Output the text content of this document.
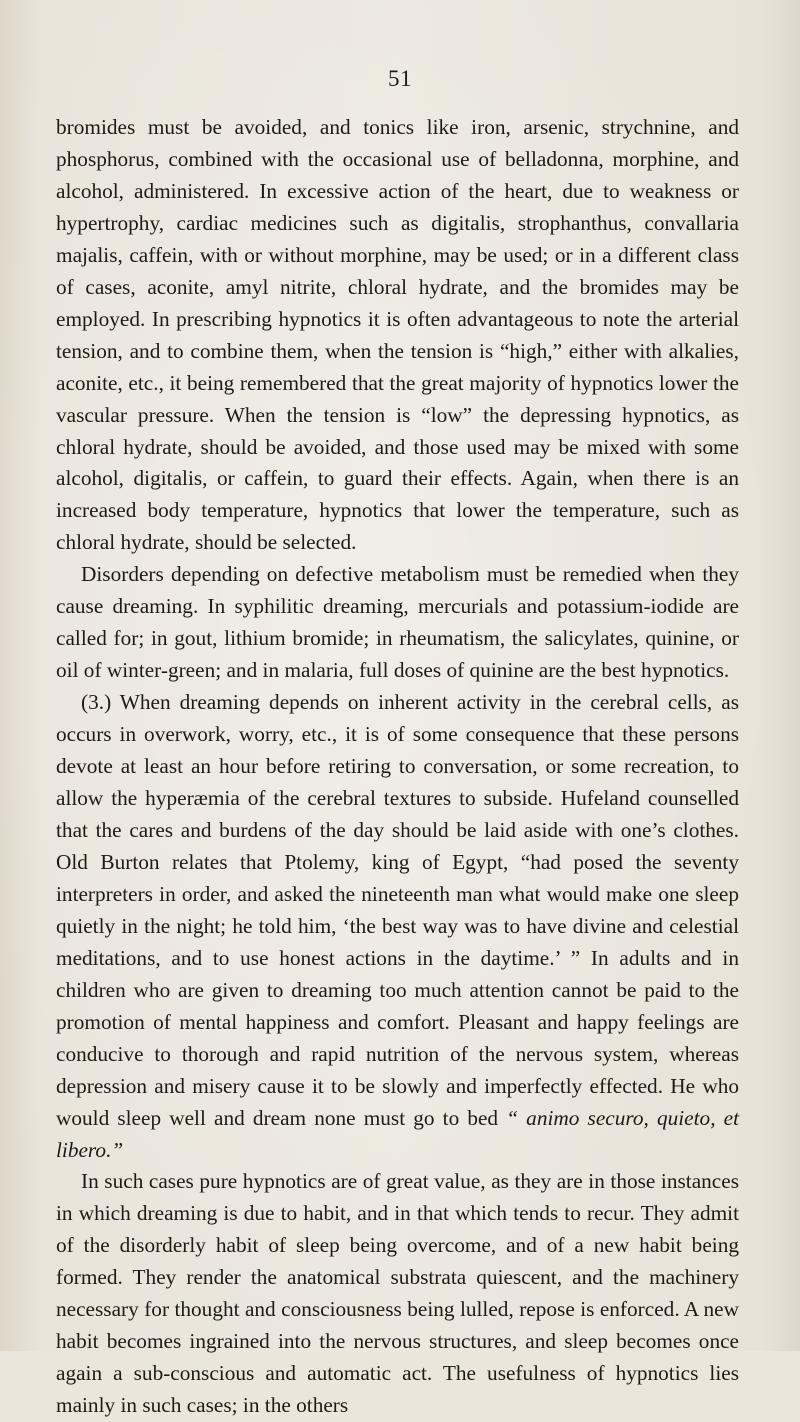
51

bromides must be avoided, and tonics like iron, arsenic, strychnine, and phosphorus, combined with the occasional use of belladonna, morphine, and alcohol, administered. In excessive action of the heart, due to weakness or hypertrophy, cardiac medicines such as digitalis, strophanthus, convallaria majalis, caffein, with or without morphine, may be used; or in a different class of cases, aconite, amyl nitrite, chloral hydrate, and the bromides may be employed. In prescribing hypnotics it is often advantageous to note the arterial tension, and to combine them, when the tension is “high,” either with alkalies, aconite, etc., it being remembered that the great majority of hypnotics lower the vascular pressure. When the tension is “low” the depressing hypnotics, as chloral hydrate, should be avoided, and those used may be mixed with some alcohol, digitalis, or caffein, to guard their effects. Again, when there is an increased body temperature, hypnotics that lower the temperature, such as chloral hydrate, should be selected.

Disorders depending on defective metabolism must be remedied when they cause dreaming. In syphilitic dreaming, mercurials and potassium-iodide are called for; in gout, lithium bromide; in rheumatism, the salicylates, quinine, or oil of winter-green; and in malaria, full doses of quinine are the best hypnotics.

(3.) When dreaming depends on inherent activity in the cerebral cells, as occurs in overwork, worry, etc., it is of some consequence that these persons devote at least an hour before retiring to conversation, or some recreation, to allow the hyperæmia of the cerebral textures to subside. Hufeland counselled that the cares and burdens of the day should be laid aside with one’s clothes. Old Burton relates that Ptolemy, king of Egypt, “had posed the seventy interpreters in order, and asked the nineteenth man what would make one sleep quietly in the night; he told him, ‘the best way was to have divine and celestial meditations, and to use honest actions in the daytime.’ ” In adults and in children who are given to dreaming too much attention cannot be paid to the promotion of mental happiness and comfort. Pleasant and happy feelings are conducive to thorough and rapid nutrition of the nervous system, whereas depression and misery cause it to be slowly and imperfectly effected. He who would sleep well and dream none must go to bed “ animo securo, quieto, et libero.”

In such cases pure hypnotics are of great value, as they are in those instances in which dreaming is due to habit, and in that which tends to recur. They admit of the disorderly habit of sleep being overcome, and of a new habit being formed. They render the anatomical substrata quiescent, and the machinery necessary for thought and consciousness being lulled, repose is enforced. A new habit becomes ingrained into the nervous structures, and sleep becomes once again a sub-conscious and automatic act. The usefulness of hypnotics lies mainly in such cases; in the others
